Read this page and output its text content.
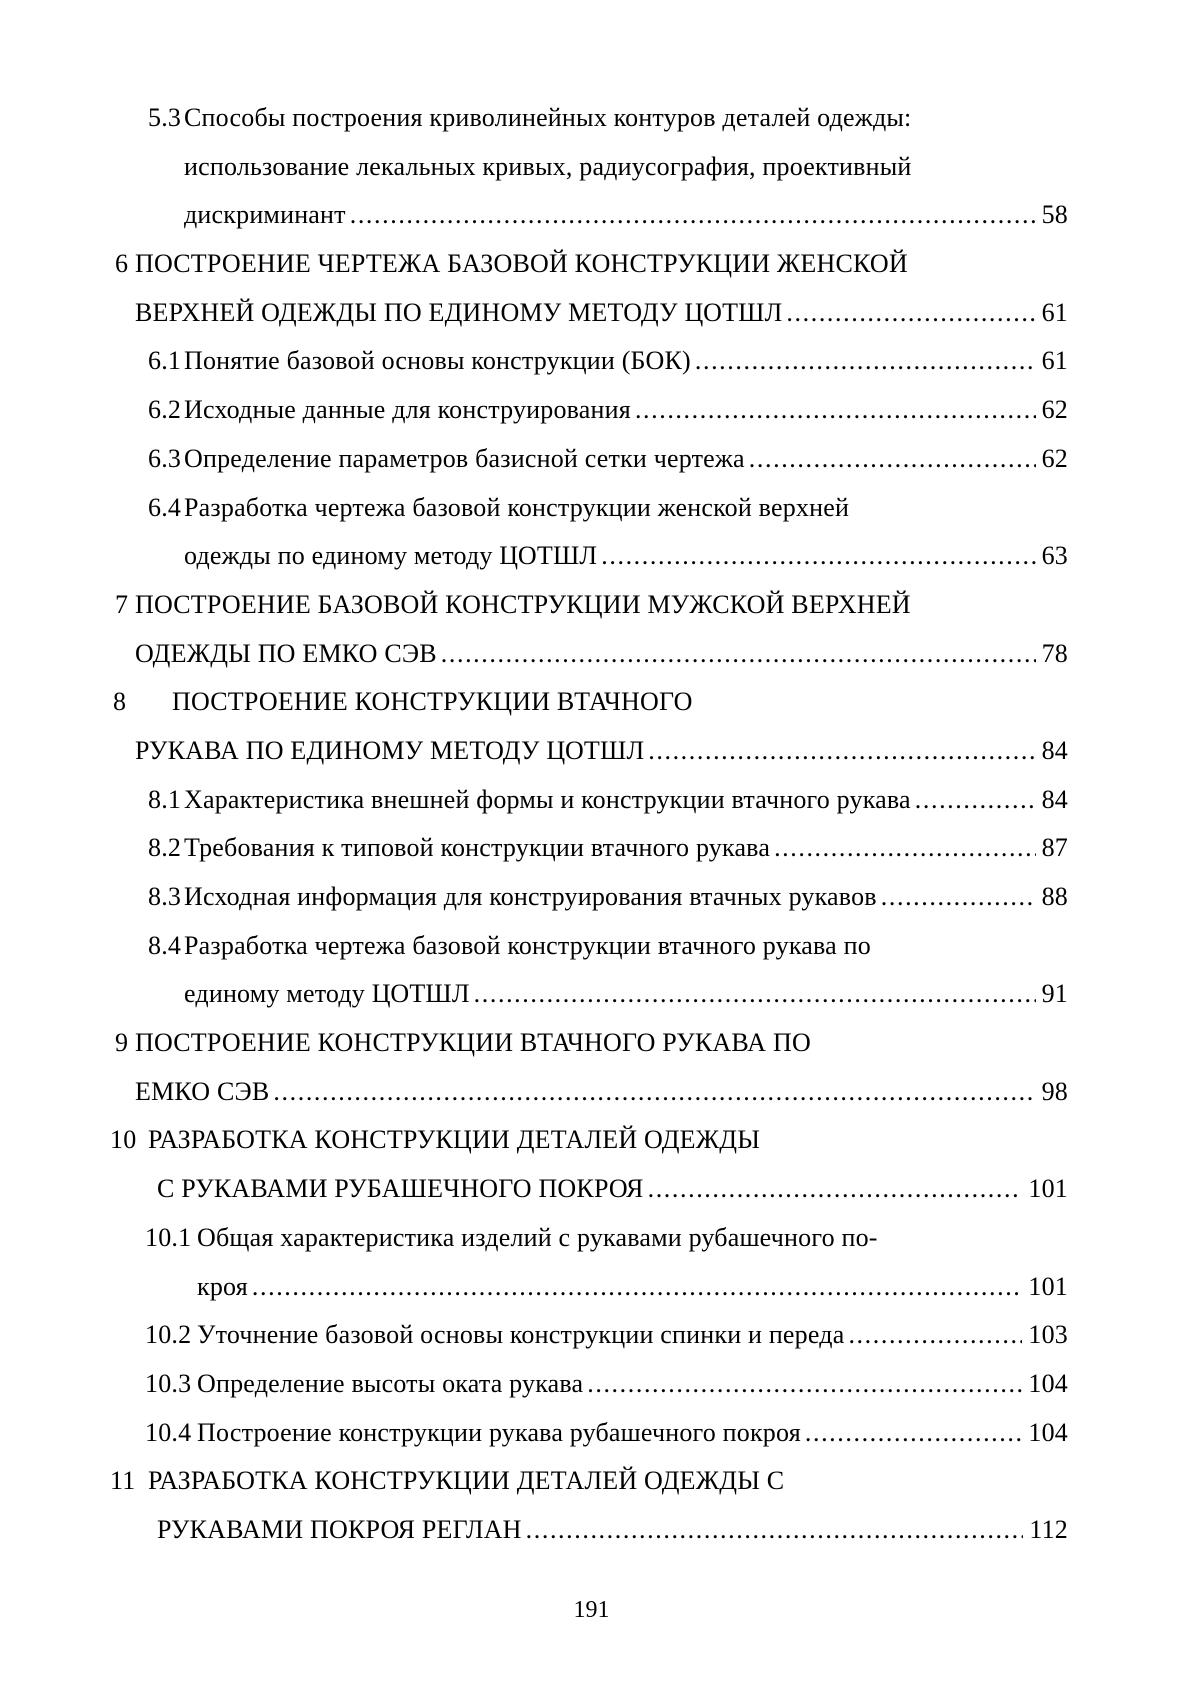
5.3 Способы построения криволинейных контуров деталей одежды:
использование лекальных кривых, радиусография, проективный
дискриминант .....	58
6 ПОСТРОЕНИЕ ЧЕРТЕЖА БАЗОВОЙ КОНСТРУКЦИИ ЖЕНСКОЙ
ВЕРХНЕЙ ОДЕЖДЫ ПО ЕДИНОМУ МЕТОДУ ЦОТШЛ .....	61
6.1 Понятие базовой основы конструкции (БОК) .....	61
6.2 Исходные данные для конструирования .....	62
6.3 Определение параметров базисной сетки чертежа .....	62
6.4 Разработка чертежа базовой конструкции женской верхней
одежды по единому методу ЦОТШЛ .....	63
7 ПОСТРОЕНИЕ БАЗОВОЙ КОНСТРУКЦИИ МУЖСКОЙ ВЕРХНЕЙ
ОДЕЖДЫ ПО ЕМКО СЭВ .....	78
8	ПОСТРОЕНИЕ КОНСТРУКЦИИ ВТАЧНОГО
РУКАВА ПО ЕДИНОМУ МЕТОДУ ЦОТШЛ .....	84
8.1 Характеристика внешней формы и конструкции втачного рукава .....	84
8.2 Требования к типовой конструкции втачного рукава .....	87
8.3 Исходная информация для конструирования втачных рукавов .....	88
8.4 Разработка чертежа базовой конструкции втачного рукава по
единому методу ЦОТШЛ .....	91
9 ПОСТРОЕНИЕ КОНСТРУКЦИИ ВТАЧНОГО РУКАВА ПО
ЕМКО СЭВ .....	98
10 РАЗРАБОТКА КОНСТРУКЦИИ ДЕТАЛЕЙ ОДЕЖДЫ
С РУКАВАМИ РУБАШЕЧНОГО ПОКРОЯ .....	101
10.1 Общая характеристика изделий с рукавами рубашечного по-
кроя .....	101
10.2 Уточнение базовой основы конструкции спинки и переда .....	103
10.3 Определение высоты оката рукава .....	104
10.4 Построение конструкции рукава рубашечного покроя .....	104
11 РАЗРАБОТКА КОНСТРУКЦИИ ДЕТАЛЕЙ ОДЕЖДЫ С
РУКАВАМИ ПОКРОЯ РЕГЛАН .....	112
191
